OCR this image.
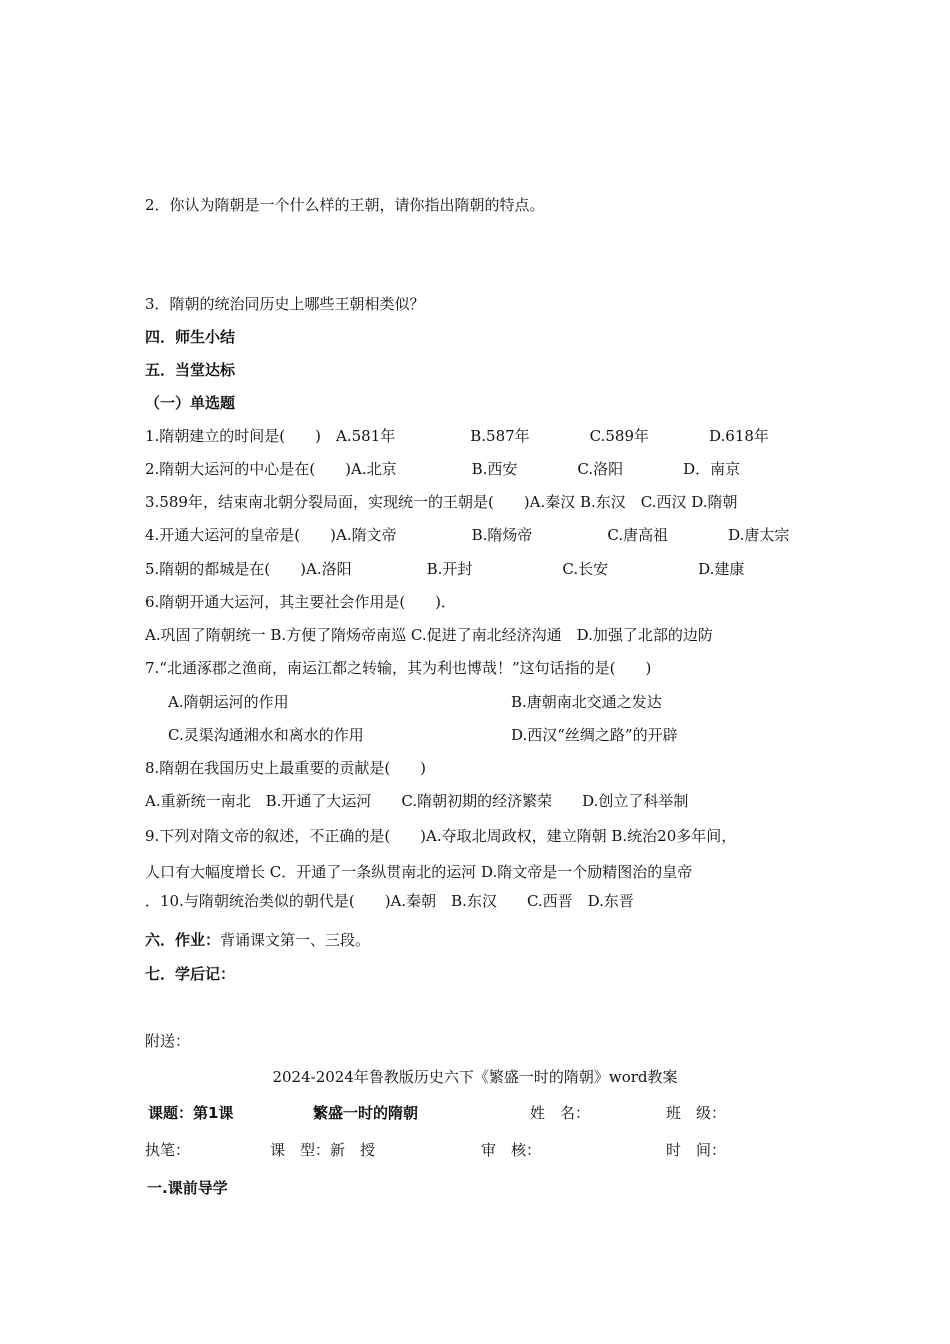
2．你认为隋朝是一个什么样的王朝，请你指出隋朝的特点。
3．隋朝的统治同历史上哪些王朝相类似？
四．师生小结
五．当堂达标
（一）单选题
1.隋朝建立的时间是(　　)　A.581年　　　　　B.587年　　　　C.589年　　　　D.618年
2.隋朝大运河的中心是在(　　)A.北京　　　　　B.西安　　　　C.洛阳　　　　D．南京
3.589年，结束南北朝分裂局面，实现统一的王朝是(　　)A.秦汉 B.东汉　C.西汉 D.隋朝
4.开通大运河的皇帝是(　　)A.隋文帝　　　　　B.隋炀帝　　　　　C.唐高祖　　　　D.唐太宗
5.隋朝的都城是在(　　)A.洛阳　　　　　B.开封　　　　　　C.长安　　　　　　D.建康
6.隋朝开通大运河，其主要社会作用是(　　)．
A.巩固了隋朝统一 B.方便了隋炀帝南巡 C.促进了南北经济沟通　D.加强了北部的边防
7.“北通涿郡之渔商，南运江都之转输，其为利也博哉！”这句话指的是(　　)
A.隋朝运河的作用	B.唐朝南北交通之发达
C.灵渠沟通湘水和离水的作用	D.西汉“丝绸之路”的开辟
8.隋朝在我国历史上最重要的贡献是(　　)
A.重新统一南北　B.开通了大运河　　C.隋朝初期的经济繁荣　　D.创立了科举制
9.下列对隋文帝的叙述，不正确的是(　　)A.夺取北周政权，建立隋朝 B.统治20多年间，
人口有大幅度增长 C．开通了一条纵贯南北的运河 D.隋文帝是一个励精图治的皇帝
．10.与隋朝统治类似的朝代是(　　)A.秦朝　B.东汉　　C.西晋　D.东晋
六．作业：背诵课文第一、三段。
七．学后记：
附送：
2024-2024年鲁教版历史六下《繁盛一时的隋朝》word教案
课题：第1课	繁盛一时的隋朝	姓　名：	班　级：
执笔：	课　型：新　授	审　核：	时　间：
一.课前导学
